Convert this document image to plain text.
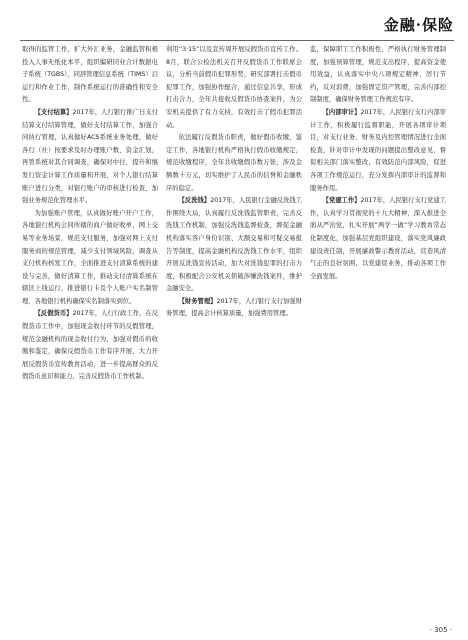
金融·保险

取得的监管工作，扩大外汇业务，金融监管积极投入人事无纸化本平，组织编研同业合计数据电子系统（TGBS），同辞管理信息系统（TIMS）启运行和作业工作，制作系统运行的准确性和安全性。

【支付结算】2017年，人行银行推广日支付结算支付结算管理，做好支付结算工作，加强合同执行管理，认真做好ACS系统业务处理，做好各行（社）按要求及时办理账户数、资金汇划，再管系统对其合同调查，确保对中付，提升和继发行资金计算工作质量和开展，对个人银行结算账户进行分类，对银行账户的审核进行检查，加强业务规范化管理水平。

为加强账户管理，认真做好账户开户工作，各地银行机构会同所辖的商户做好收单，网上交易等业务场景，规范支付服务，加强对网上支付服务商的规范管理，减少支付领域风险，调查从支付机构核发工作，全面推进支付清算系统的建设与完善，做好清算工作，推动支付清算系统在辖区上线运行，推进银行卡及个人账户实名制管理，各地银行机构确保实名制落实到位。

【反假货币】2017年，人行行政工作，在反假货币工作中，加强现金收付环节的反假管理，规范金融机构的现金收付行为，加强对假币的收缴和鉴定，确保反假货币工作有序开展，大力开展反假货币宣传教育活动，进一步提高群众的反假货币意识和能力，完善反假货币工作机制。

利用“3·15”以及宣传周开展反假货币宣传工作。8月，联合公检法机关召开反假货币工作联席会议，分析当前假币犯罪形势，研究部署打击假币犯罪工作，加强协作配合，通过信息共享，形成打击合力，全年共接收反假货币协查案件，为公安机关提供了有力支持，有效打击了假币犯罪活动。

依法履行反假货币职责，做好假币收缴、鉴定工作，各地银行机构严格执行假币收缴规定，规范收缴程序，全年共收缴假币数万张，涉及金额数十万元，切实维护了人民币的信誉和金融秩序的稳定。

【反洗钱】2017年，人民银行金融反洗钱工作围绕大局，认真履行反洗钱监管职责，完善反洗钱工作机制，加强反洗钱监督检查，督促金融机构落实客户身份识别、大额交易和可疑交易报告等制度，提高金融机构反洗钱工作水平，组织开展反洗钱宣传活动，加大对洗钱犯罪的打击力度，积极配合公安机关侦破涉嫌洗钱案件，维护金融安全。

【财务管理】2017年，人行银行支行加强财务管理，提高会计核算质量，加强费用管理。

监，保障职工工作积极性，严格执行财务管理制度，加强预算管理，规范支出程序，提高资金使用效益，认真落实中央八项规定精神，厉行节约，反对浪费，加强固定资产管理，完善内部控制制度，确保财务管理工作规范有序。

【内部审计】2017年，人民银行支行内部审计工作，积极履行监督职能，开展各项审计项目，对支行业务、财务及内控管理情况进行全面检查，针对审计中发现的问题提出整改意见，督促相关部门落实整改，有效防范内部风险，促进各项工作规范运行，充分发挥内部审计的监督和服务作用。

【党建工作】2017年，人民银行支行党建工作，认真学习贯彻党的十九大精神，深入推进全面从严治党，扎实开展“两学一做”学习教育常态化制度化，加强基层党组织建设，落实党风廉政建设责任制，开展廉政警示教育活动，营造风清气正的良好氛围，以党建促业务，推动各项工作全面发展。

· 305 ·
